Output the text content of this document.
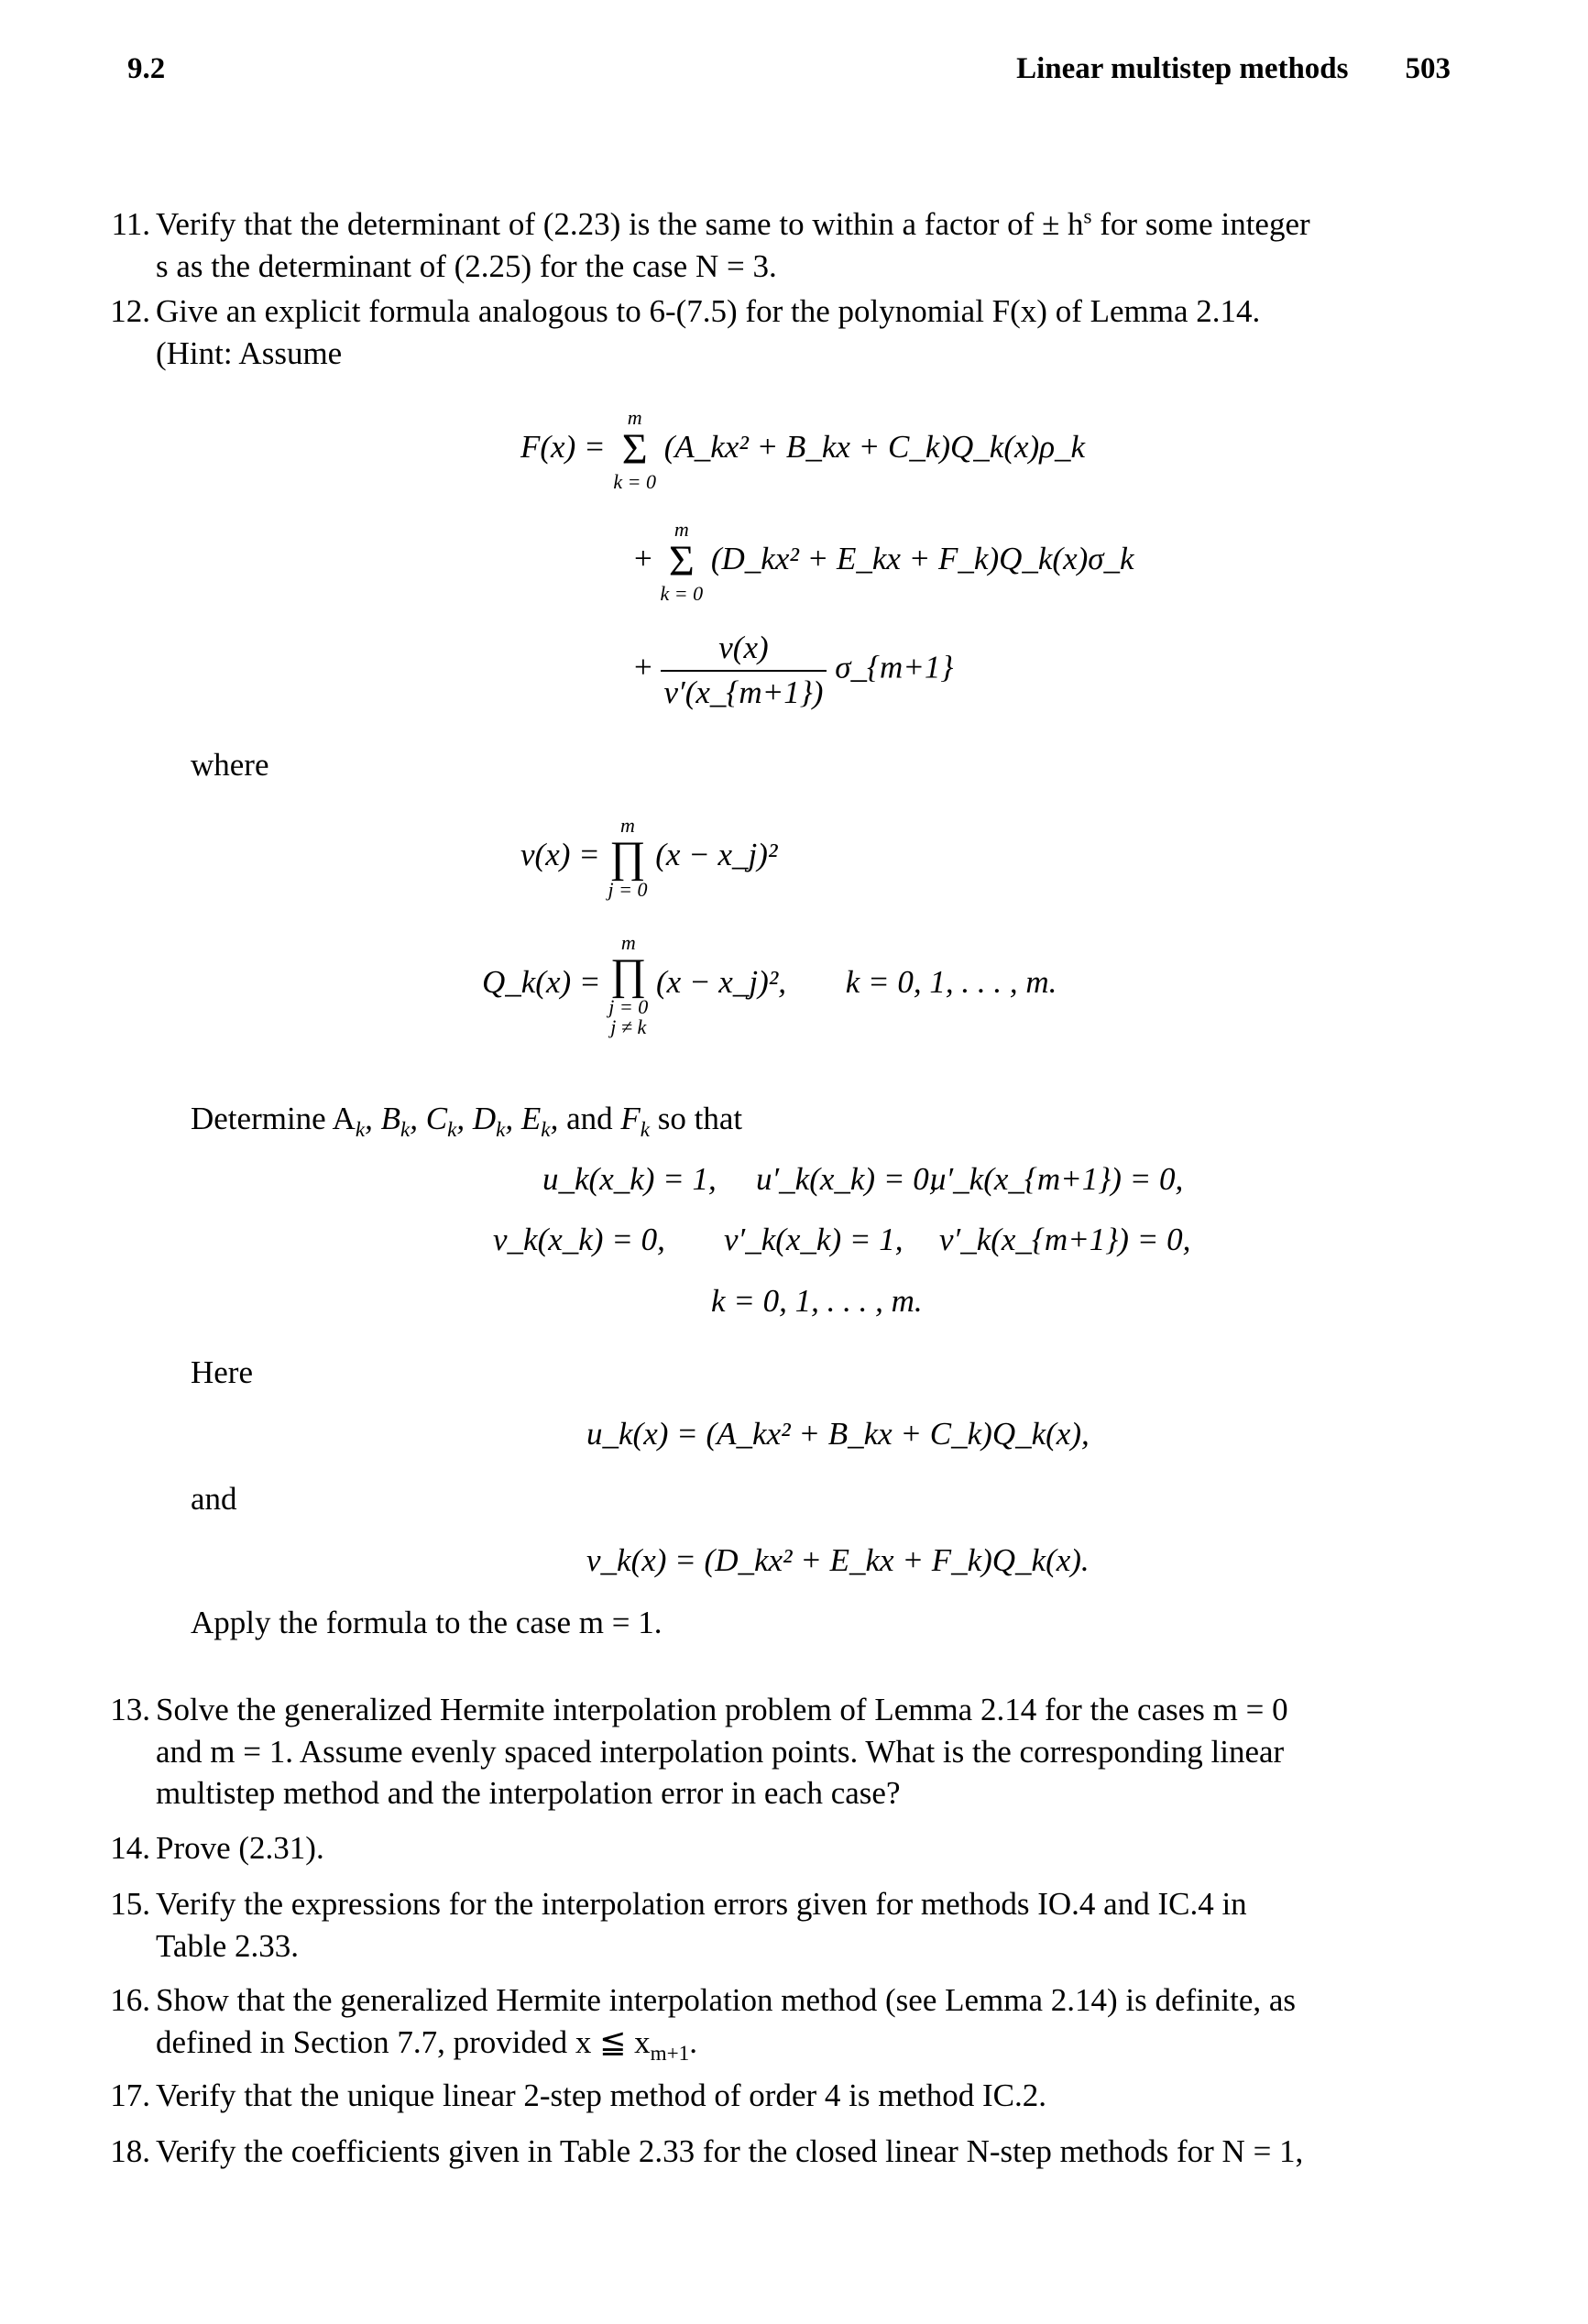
9.2	Linear multistep methods 503
11. Verify that the determinant of (2.23) is the same to within a factor of ± $h^s$ for some integer
s as the determinant of (2.25) for the case N = 3.
12. Give an explicit formula analogous to 6-(7.5) for the polynomial F(x) of Lemma 2.14.
(Hint: Assume
F(x) =
m
Σ
k = 0
(A_kx² + B_kx + C_k)Q_k(x)ρ_k
+
m
Σ
k = 0
(D_kx² + E_kx + F_k)Q_k(x)σ_k
+ $\frac{v(x)}{v'(x\_\{m+1\})}$ σ_{m+1}
where
v(x) =
m
∏
j = 0
(x − x_j)²
Q_k(x) =
m
∏
j = 0
j ≠ k
(x − x_j)², k = 0, 1, . . . , m.
Determine $A_k$, $B_k$, $C_k$, $D_k$, $E_k$, and $F_k$ so that
u_k(x_k) = 1, u′_k(x_k) = 0,
u′_k(x_{m+1}) = 0,
v_k(x_k) = 0, v′_k(x_k) = 1, v′_k(x_{m+1}) = 0,
k = 0, 1, . . . , m.
Here
u_k(x) = (A_kx² + B_kx + C_k)Q_k(x),
and
v_k(x) = (D_kx² + E_kx + F_k)Q_k(x).
Apply the formula to the case m = 1.
13. Solve the generalized Hermite interpolation problem of Lemma 2.14 for the cases m = 0
and m = 1. Assume evenly spaced interpolation points. What is the corresponding linear
multistep method and the interpolation error in each case?
14. Prove (2.31).
15. Verify the expressions for the interpolation errors given for methods IO.4 and IC.4 in
Table 2.33.
16. Show that the generalized Hermite interpolation method (see Lemma 2.14) is definite, as
defined in Section 7.7, provided x ≦ $x_{m+1}$.
17. Verify that the unique linear 2-step method of order 4 is method IC.2.
18. Verify the coefficients given in Table 2.33 for the closed linear N-step methods for N = 1,
